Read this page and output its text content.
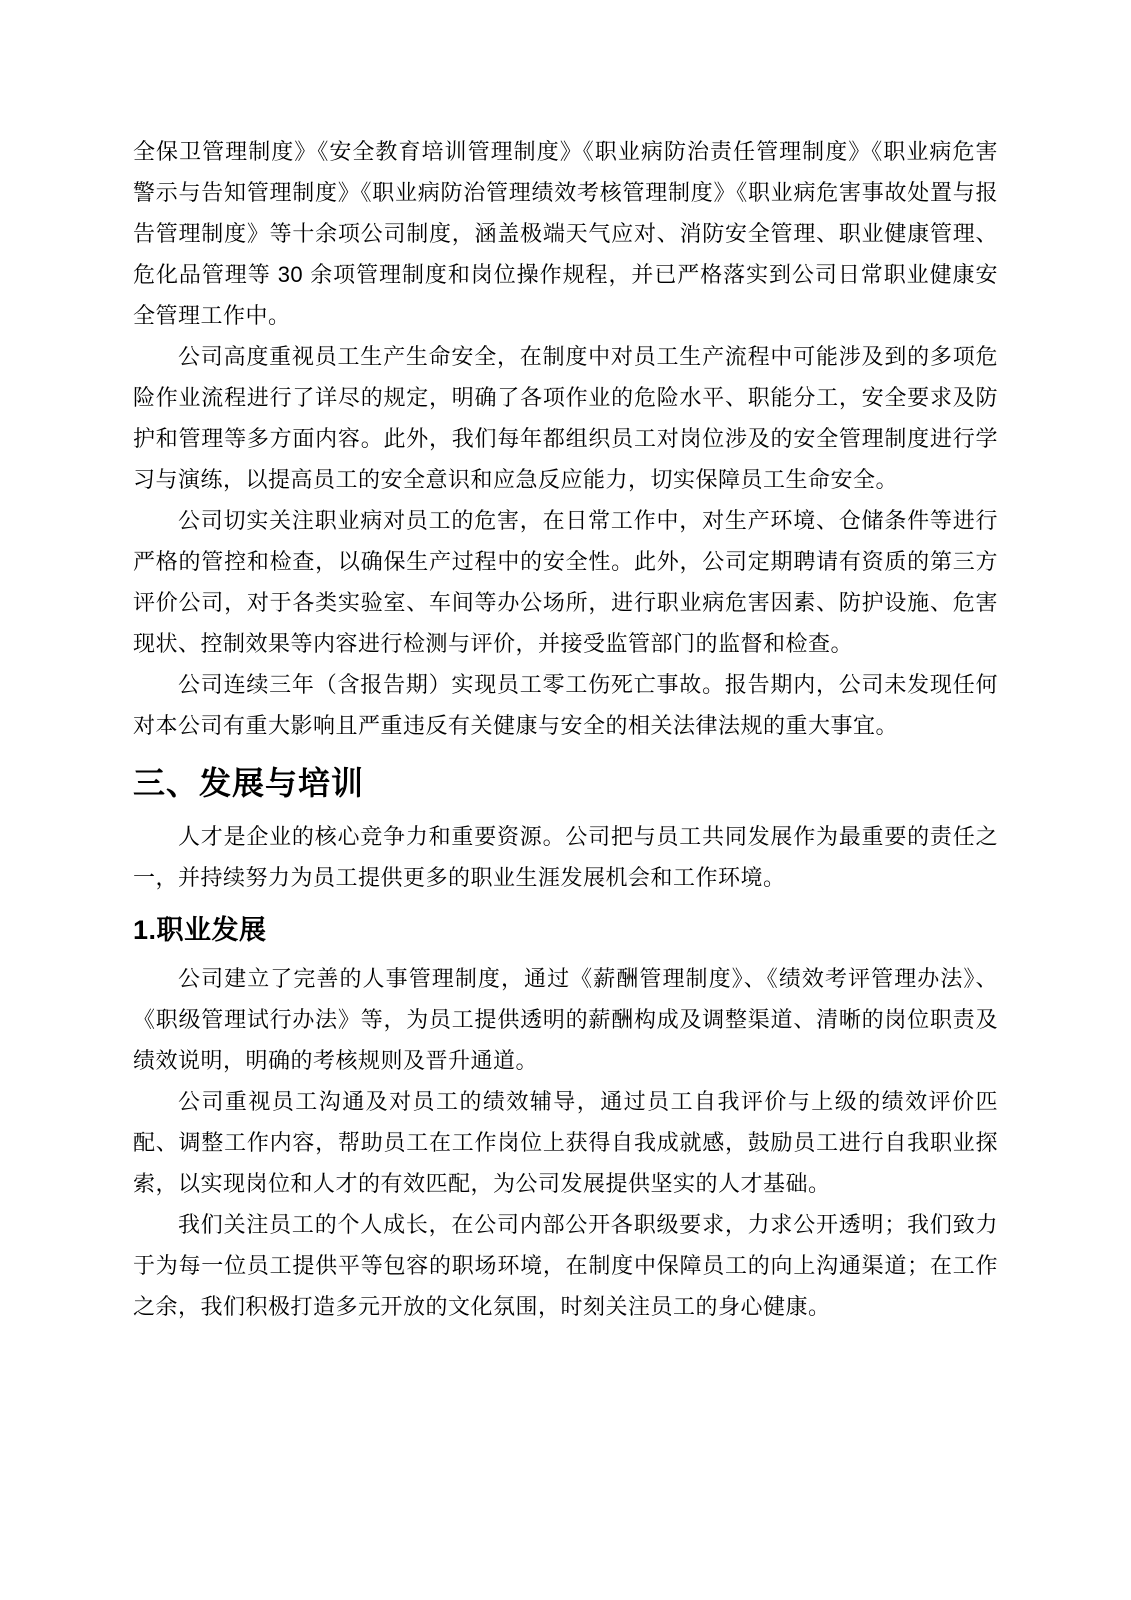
全保卫管理制度》《安全教育培训管理制度》《职业病防治责任管理制度》《职业病危害警示与告知管理制度》《职业病防治管理绩效考核管理制度》《职业病危害事故处置与报告管理制度》等十余项公司制度，涵盖极端天气应对、消防安全管理、职业健康管理、危化品管理等 30 余项管理制度和岗位操作规程，并已严格落实到公司日常职业健康安全管理工作中。

公司高度重视员工生产生命安全，在制度中对员工生产流程中可能涉及到的多项危险作业流程进行了详尽的规定，明确了各项作业的危险水平、职能分工，安全要求及防护和管理等多方面内容。此外，我们每年都组织员工对岗位涉及的安全管理制度进行学习与演练，以提高员工的安全意识和应急反应能力，切实保障员工生命安全。

公司切实关注职业病对员工的危害，在日常工作中，对生产环境、仓储条件等进行严格的管控和检查，以确保生产过程中的安全性。此外，公司定期聘请有资质的第三方评价公司，对于各类实验室、车间等办公场所，进行职业病危害因素、防护设施、危害现状、控制效果等内容进行检测与评价，并接受监管部门的监督和检查。

公司连续三年（含报告期）实现员工零工伤死亡事故。报告期内，公司未发现任何对本公司有重大影响且严重违反有关健康与安全的相关法律法规的重大事宜。

三、发展与培训

人才是企业的核心竞争力和重要资源。公司把与员工共同发展作为最重要的责任之一，并持续努力为员工提供更多的职业生涯发展机会和工作环境。

1.职业发展

公司建立了完善的人事管理制度，通过《薪酬管理制度》、《绩效考评管理办法》、《职级管理试行办法》等，为员工提供透明的薪酬构成及调整渠道、清晰的岗位职责及绩效说明，明确的考核规则及晋升通道。

公司重视员工沟通及对员工的绩效辅导，通过员工自我评价与上级的绩效评价匹配、调整工作内容，帮助员工在工作岗位上获得自我成就感，鼓励员工进行自我职业探索，以实现岗位和人才的有效匹配，为公司发展提供坚实的人才基础。

我们关注员工的个人成长，在公司内部公开各职级要求，力求公开透明；我们致力于为每一位员工提供平等包容的职场环境，在制度中保障员工的向上沟通渠道；在工作之余，我们积极打造多元开放的文化氛围，时刻关注员工的身心健康。
